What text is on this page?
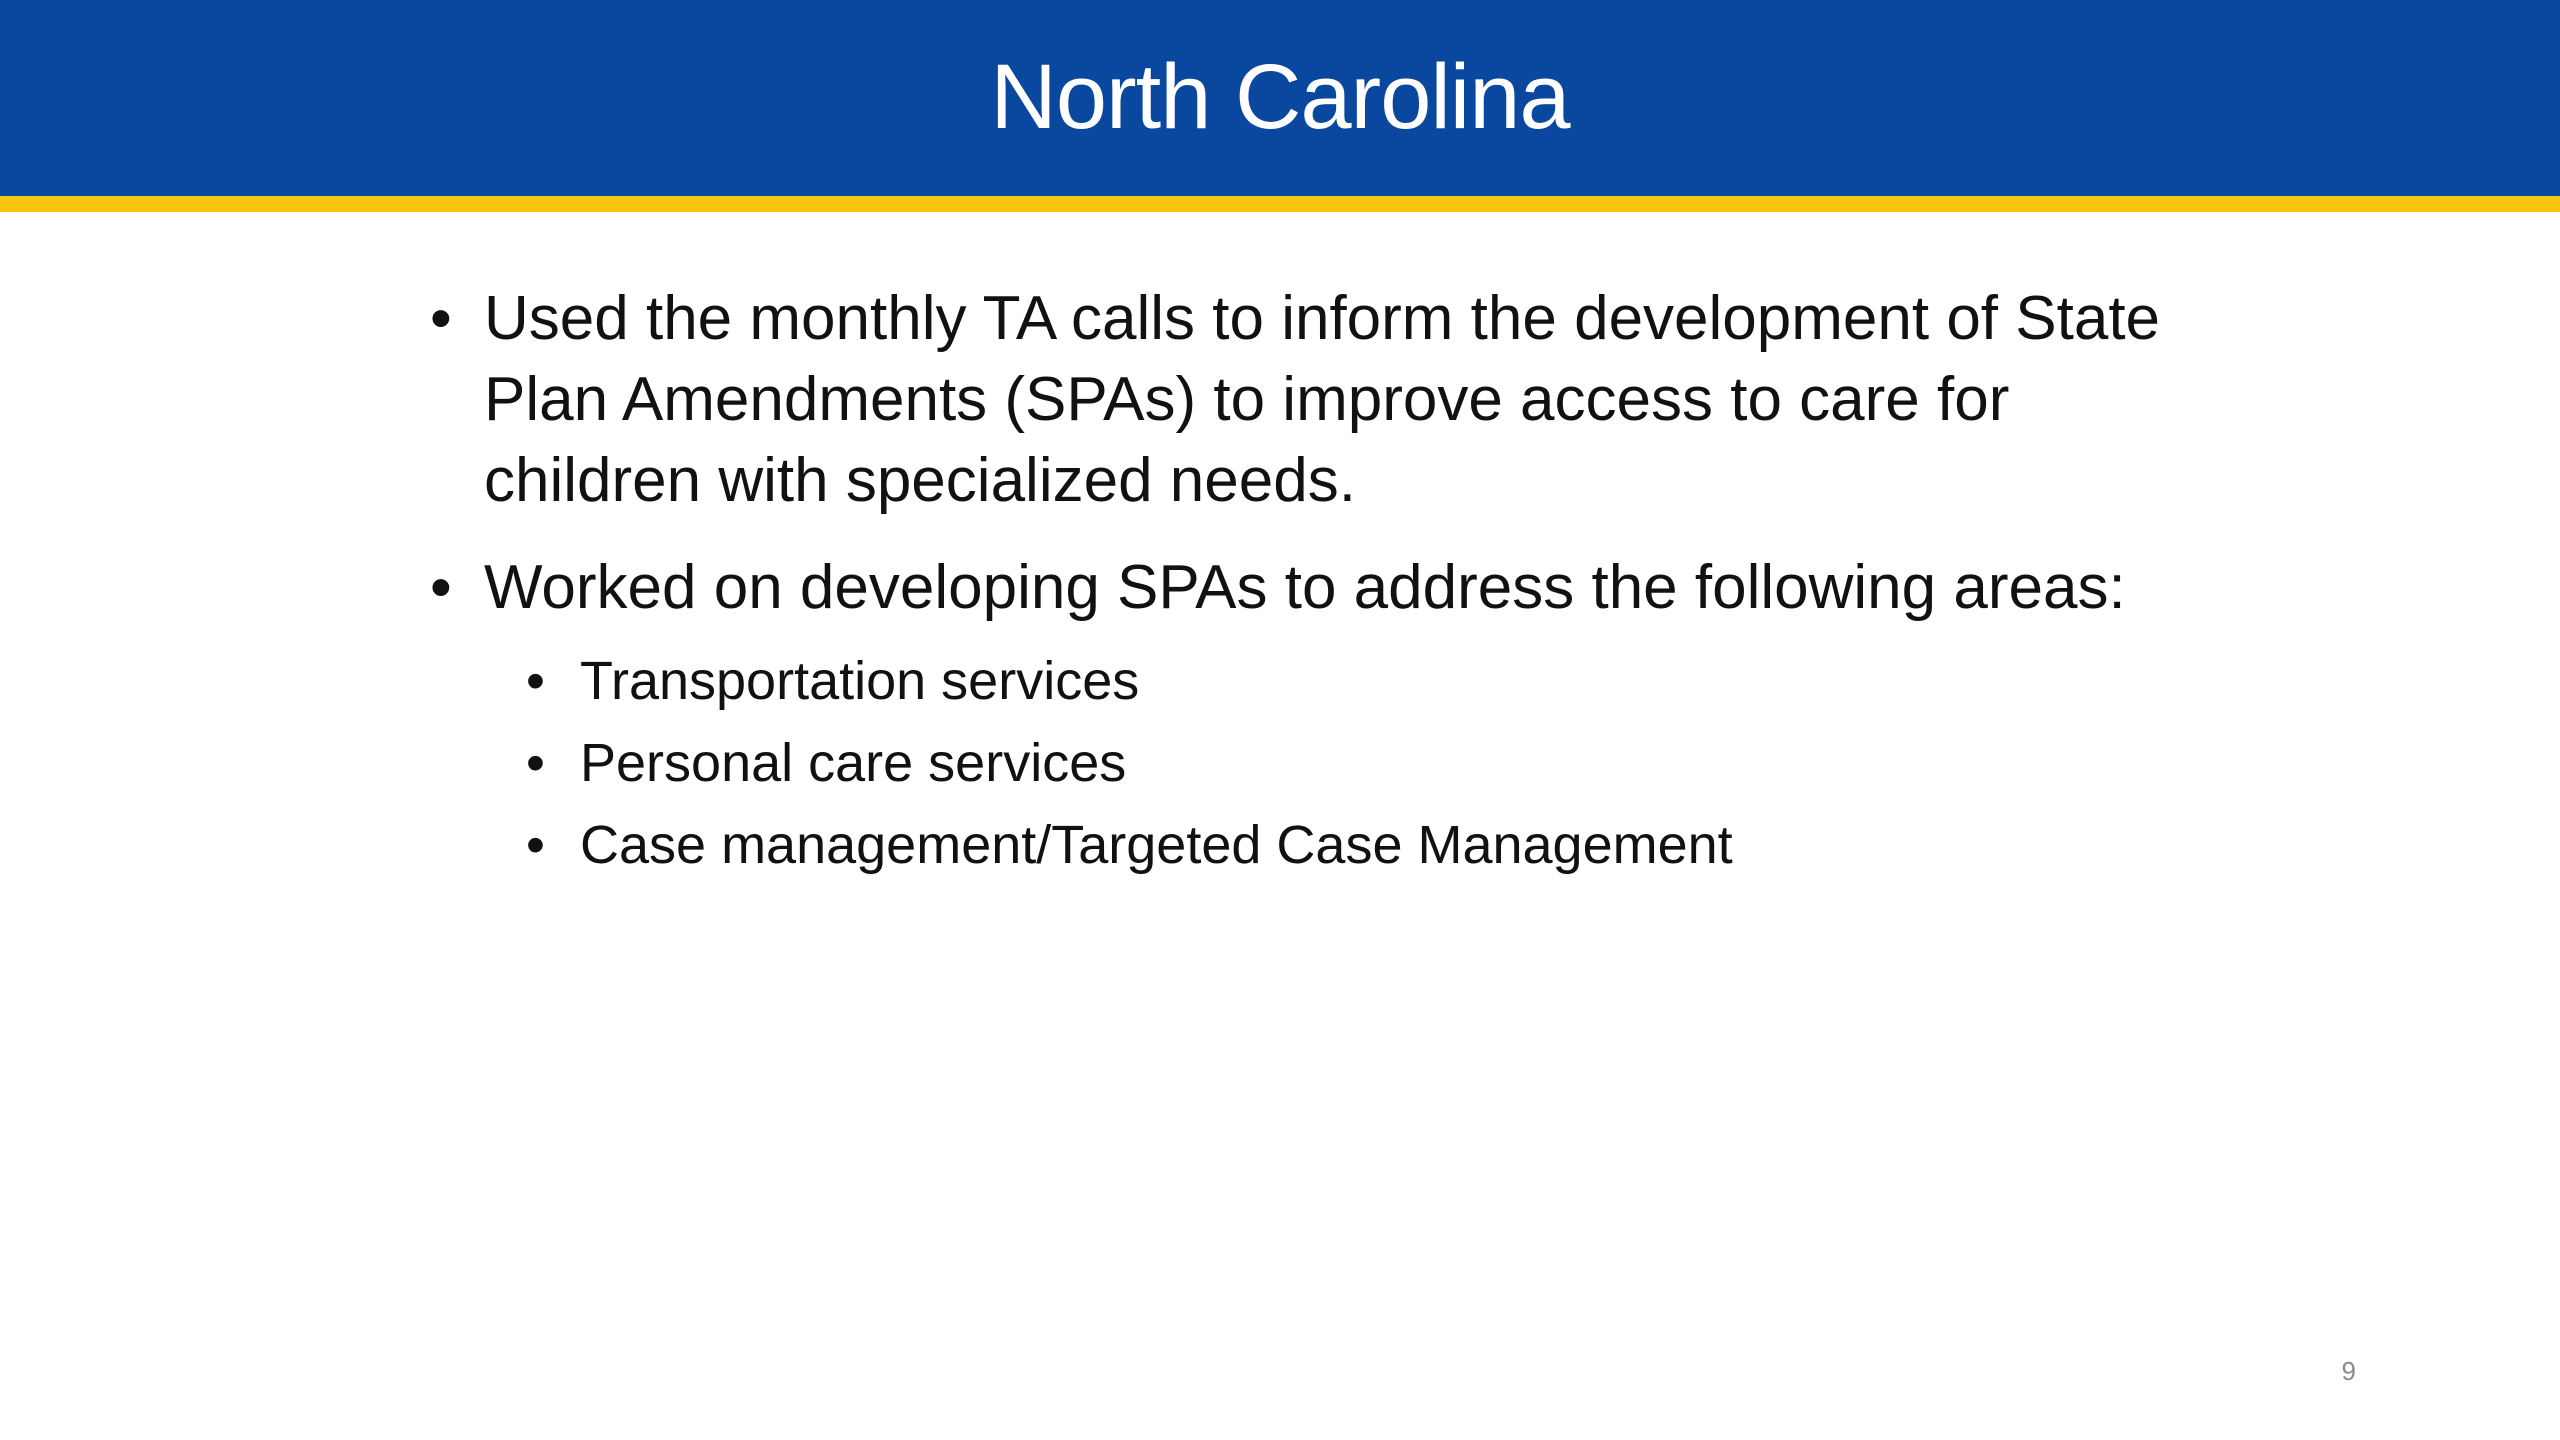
North Carolina
• Used the monthly TA calls to inform the development of State Plan Amendments (SPAs) to improve access to care for children with specialized needs.
• Worked on developing SPAs to address the following areas:
• Transportation services
• Personal care services
• Case management/Targeted Case Management
9
